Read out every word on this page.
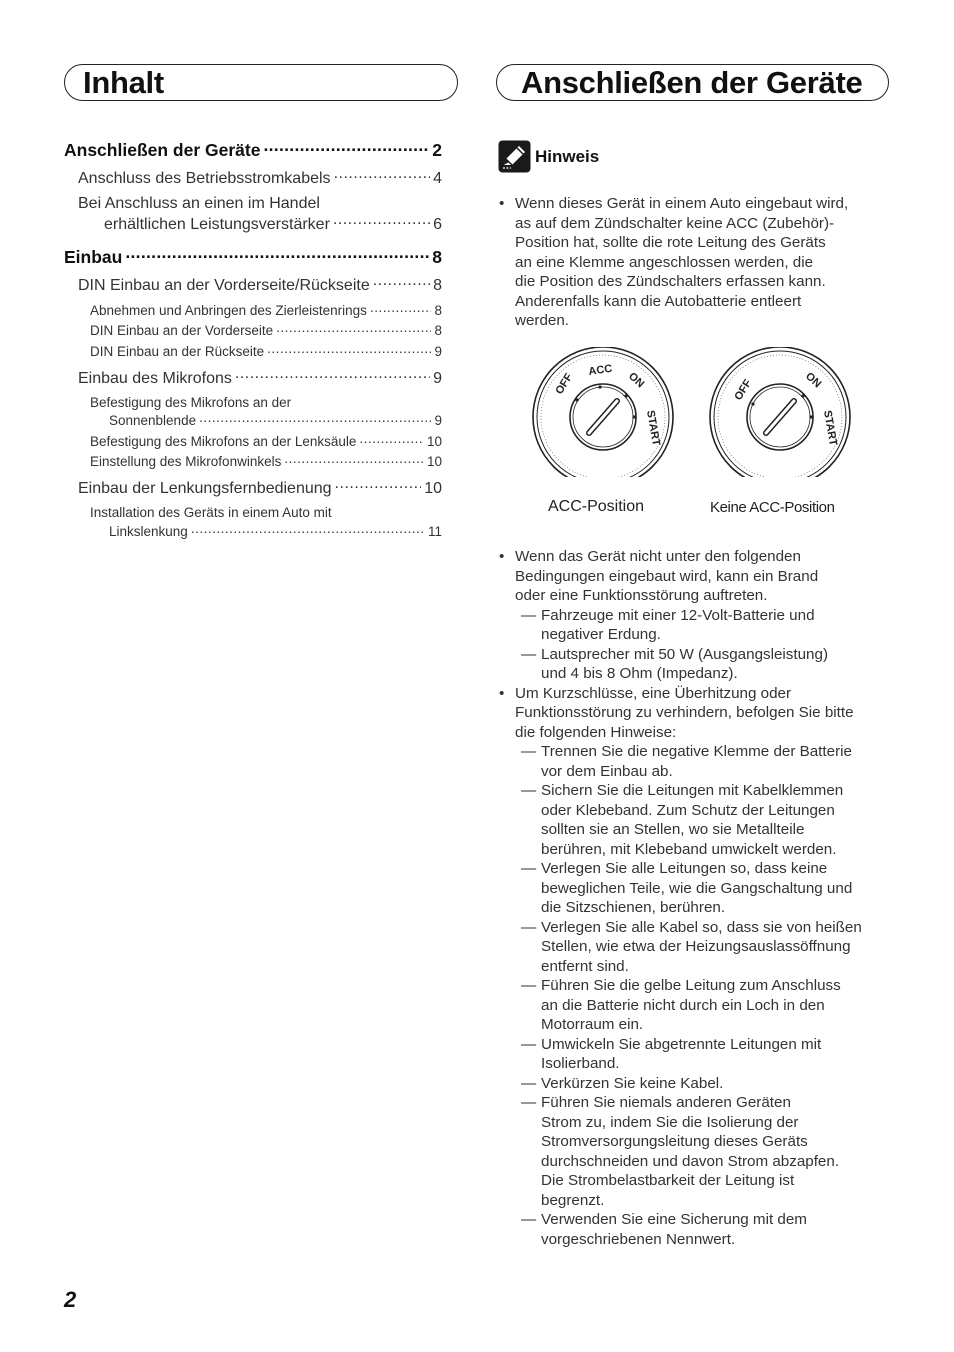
Inhalt	Anschließen der Geräte
Anschließen der Geräte .....	2
Anschluss des Betriebsstromkabels .....	4
Bei Anschluss an einen im Handel
erhältlichen Leistungsverstärker .....	6
Einbau .....	8
DIN Einbau an der Vorderseite/Rückseite .....	8
Abnehmen und Anbringen des Zierleistenrings .....	8
DIN Einbau an der Vorderseite .....	8
DIN Einbau an der Rückseite .....	9
Einbau des Mikrofons .....	9
Befestigung des Mikrofons an der
Sonnenblende .....	9
Befestigung des Mikrofons an der Lenksäule .....	10
Einstellung des Mikrofonwinkels .....	10
Einbau der Lenkungsfernbedienung .....	10
Installation des Geräts in einem Auto mit
Linkslenkung .....	11
Hinweis
• Wenn dieses Gerät in einem Auto eingebaut wird,
as auf dem Zündschalter keine ACC (Zubehör)-
Position hat, sollte die rote Leitung des Geräts
an eine Klemme angeschlossen werden, die
die Position des Zündschalters erfassen kann.
Anderenfalls kann die Autobatterie entleert
werden.
OFF
ACC ON
START
OFF	ON
START
ACC-Position	Keine ACC-Position
• Wenn das Gerät nicht unter den folgenden
Bedingungen eingebaut wird, kann ein Brand
oder eine Funktionsstörung auftreten.
— Fahrzeuge mit einer 12-Volt-Batterie und
negativer Erdung.
— Lautsprecher mit 50 W (Ausgangsleistung)
und 4 bis 8 Ohm (Impedanz).
• Um Kurzschlüsse, eine Überhitzung oder
Funktionsstörung zu verhindern, befolgen Sie bitte
die folgenden Hinweise:
— Trennen Sie die negative Klemme der Batterie
vor dem Einbau ab.
— Sichern Sie die Leitungen mit Kabelklemmen
oder Klebeband. Zum Schutz der Leitungen
sollten sie an Stellen, wo sie Metallteile
berühren, mit Klebeband umwickelt werden.
— Verlegen Sie alle Leitungen so, dass keine
beweglichen Teile, wie die Gangschaltung und
die Sitzschienen, berühren.
— Verlegen Sie alle Kabel so, dass sie von heißen
Stellen, wie etwa der Heizungsauslassöffnung
entfernt sind.
— Führen Sie die gelbe Leitung zum Anschluss
an die Batterie nicht durch ein Loch in den
Motorraum ein.
— Umwickeln Sie abgetrennte Leitungen mit
Isolierband.
— Verkürzen Sie keine Kabel.
— Führen Sie niemals anderen Geräten
Strom zu, indem Sie die Isolierung der
Stromversorgungsleitung dieses Geräts
durchschneiden und davon Strom abzapfen.
Die Strombelastbarkeit der Leitung ist
begrenzt.
— Verwenden Sie eine Sicherung mit dem
vorgeschriebenen Nennwert.
2
